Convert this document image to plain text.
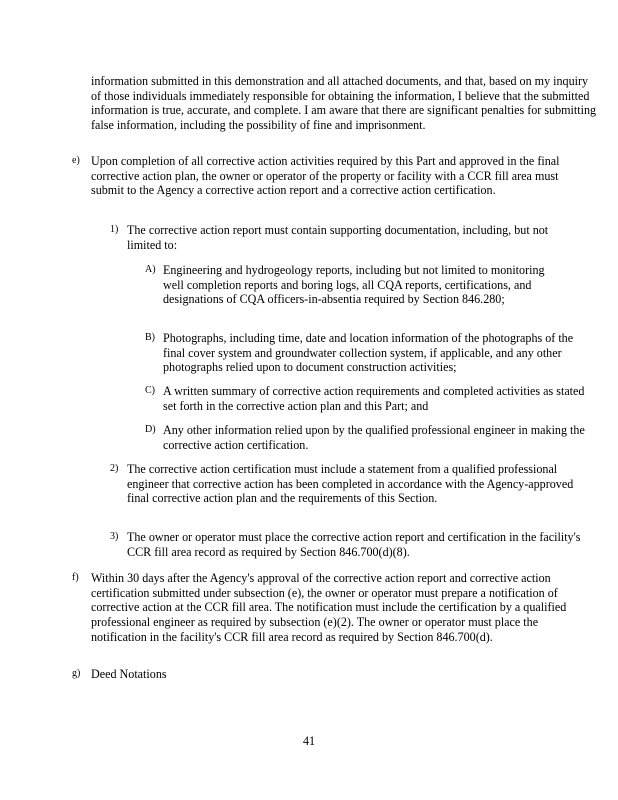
information submitted in this demonstration and all attached documents, and that, based on my inquiry of those individuals immediately responsible for obtaining the information, I believe that the submitted information is true, accurate, and complete. I am aware that there are significant penalties for submitting false information, including the possibility of fine and imprisonment.

e) Upon completion of all corrective action activities required by this Part and approved in the final corrective action plan, the owner or operator of the property or facility with a CCR fill area must submit to the Agency a corrective action report and a corrective action certification.

1) The corrective action report must contain supporting documentation, including, but not limited to:

A) Engineering and hydrogeology reports, including but not limited to monitoring well completion reports and boring logs, all CQA reports, certifications, and designations of CQA officers-in-absentia required by Section 846.280;

B) Photographs, including time, date and location information of the photographs of the final cover system and groundwater collection system, if applicable, and any other photographs relied upon to document construction activities;

C) A written summary of corrective action requirements and completed activities as stated set forth in the corrective action plan and this Part; and

D) Any other information relied upon by the qualified professional engineer in making the corrective action certification.

2) The corrective action certification must include a statement from a qualified professional engineer that corrective action has been completed in accordance with the Agency-approved final corrective action plan and the requirements of this Section.

3) The owner or operator must place the corrective action report and certification in the facility's CCR fill area record as required by Section 846.700(d)(8).

f) Within 30 days after the Agency's approval of the corrective action report and corrective action certification submitted under subsection (e), the owner or operator must prepare a notification of corrective action at the CCR fill area. The notification must include the certification by a qualified professional engineer as required by subsection (e)(2). The owner or operator must place the notification in the facility's CCR fill area record as required by Section 846.700(d).

g) Deed Notations

41
